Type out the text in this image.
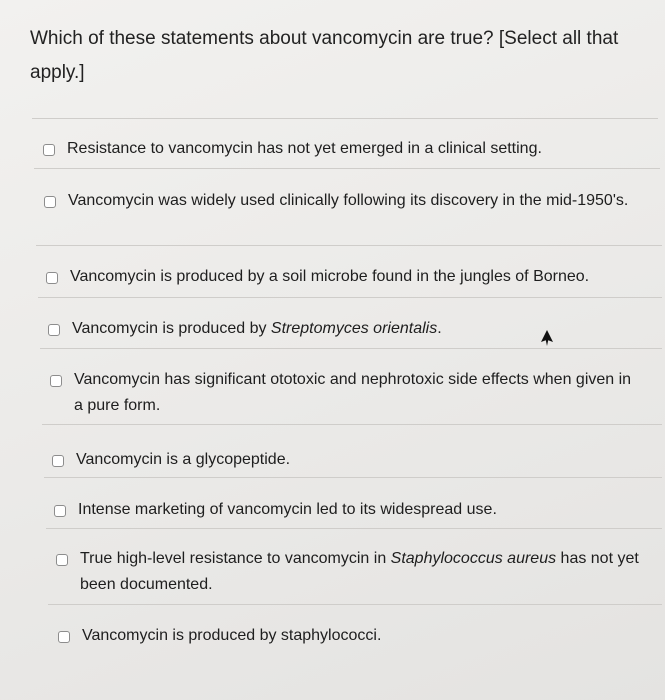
Which of these statements about vancomycin are true? [Select all that apply.]

Resistance to vancomycin has not yet emerged in a clinical setting.
Vancomycin was widely used clinically following its discovery in the mid-1950's.
Vancomycin is produced by a soil microbe found in the jungles of Borneo.
Vancomycin is produced by Streptomyces orientalis.
Vancomycin has significant ototoxic and nephrotoxic side effects when given in a pure form.
Vancomycin is a glycopeptide.
Intense marketing of vancomycin led to its widespread use.
True high-level resistance to vancomycin in Staphylococcus aureus has not yet been documented.
Vancomycin is produced by staphylococci.
